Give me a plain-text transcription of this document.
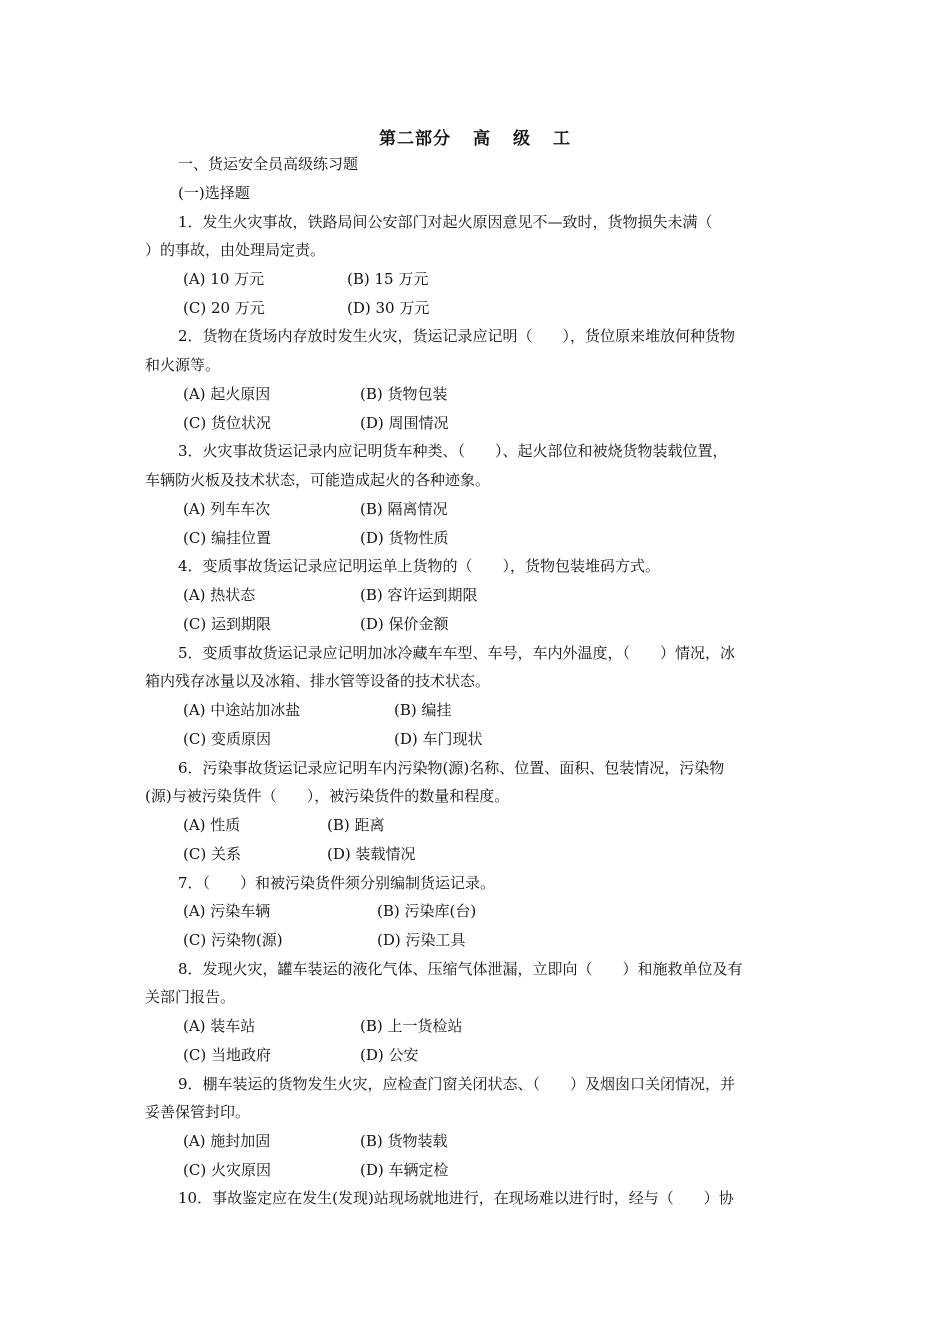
第二部分 高 级 工
一、货运安全员高级练习题
(一)选择题
1．发生火灾事故，铁路局间公安部门对起火原因意见不—致时，货物损失未满（
）的事故，由处理局定责。
(A) 10 万元	(B) 15 万元
(C) 20 万元	(D) 30 万元
2．货物在货场内存放时发生火灾，货运记录应记明（　　），货位原来堆放何种货物
和火源等。
(A) 起火原因	(B) 货物包装
(C) 货位状况	(D) 周围情况
3．火灾事故货运记录内应记明货车种类、（　　）、起火部位和被烧货物装载位置，
车辆防火板及技术状态，可能造成起火的各种迹象。
(A) 列车车次	(B) 隔离情况
(C) 编挂位置	(D) 货物性质
4．变质事故货运记录应记明运单上货物的（　　），货物包装堆码方式。
(A) 热状态	(B) 容许运到期限
(C) 运到期限	(D) 保价金额
5．变质事故货运记录应记明加冰冷藏车车型、车号，车内外温度，（　　）情况，冰
箱内残存冰量以及冰箱、排水管等设备的技术状态。
(A) 中途站加冰盐	(B) 编挂
(C) 变质原因	(D) 车门现状
6．污染事故货运记录应记明车内污染物(源)名称、位置、面积、包装情况，污染物
(源)与被污染货件（　　），被污染货件的数量和程度。
(A) 性质	(B) 距离
(C) 关系	(D) 装载情况
7．（　　）和被污染货件须分别编制货运记录。
(A) 污染车辆	(B) 污染库(台)
(C) 污染物(源)	(D) 污染工具
8．发现火灾，罐车装运的液化气体、压缩气体泄漏，立即向（　　）和施救单位及有
关部门报告。
(A) 装车站	(B) 上一货检站
(C) 当地政府	(D) 公安
9．棚车装运的货物发生火灾，应检查门窗关闭状态、（　　）及烟囱口关闭情况，并
妥善保管封印。
(A) 施封加固	(B) 货物装载
(C) 火灾原因	(D) 车辆定检
10．事故鉴定应在发生(发现)站现场就地进行，在现场难以进行时，经与（　　）协
